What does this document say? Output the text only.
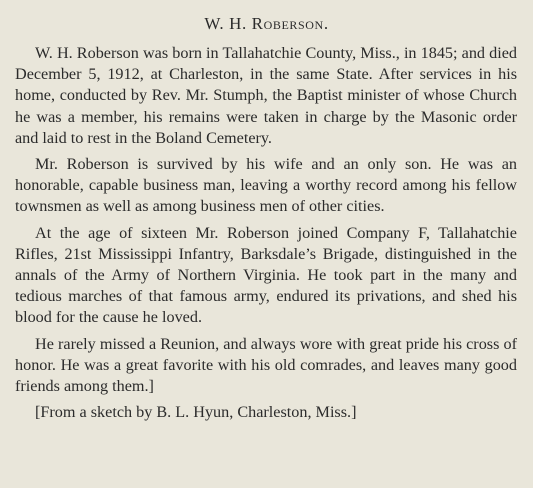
W. H. Roberson.

W. H. Roberson was born in Tallahatchie County, Miss., in 1845; and died December 5, 1912, at Charleston, in the same State. After services in his home, conducted by Rev. Mr. Stumph, the Baptist minister of whose Church he was a member, his remains were taken in charge by the Masonic order and laid to rest in the Boland Cemetery.

Mr. Roberson is survived by his wife and an only son. He was an honorable, capable business man, leaving a worthy record among his fellow townsmen as well as among business men of other cities.

At the age of sixteen Mr. Roberson joined Company F, Tallahatchie Rifles, 21st Mississippi Infantry, Barksdale’s Brigade, distinguished in the annals of the Army of Northern Virginia. He took part in the many and tedious marches of that famous army, endured its privations, and shed his blood for the cause he loved.

He rarely missed a Reunion, and always wore with great pride his cross of honor. He was a great favorite with his old comrades, and leaves many good friends among them.]

[From a sketch by B. L. Hyun, Charleston, Miss.]
